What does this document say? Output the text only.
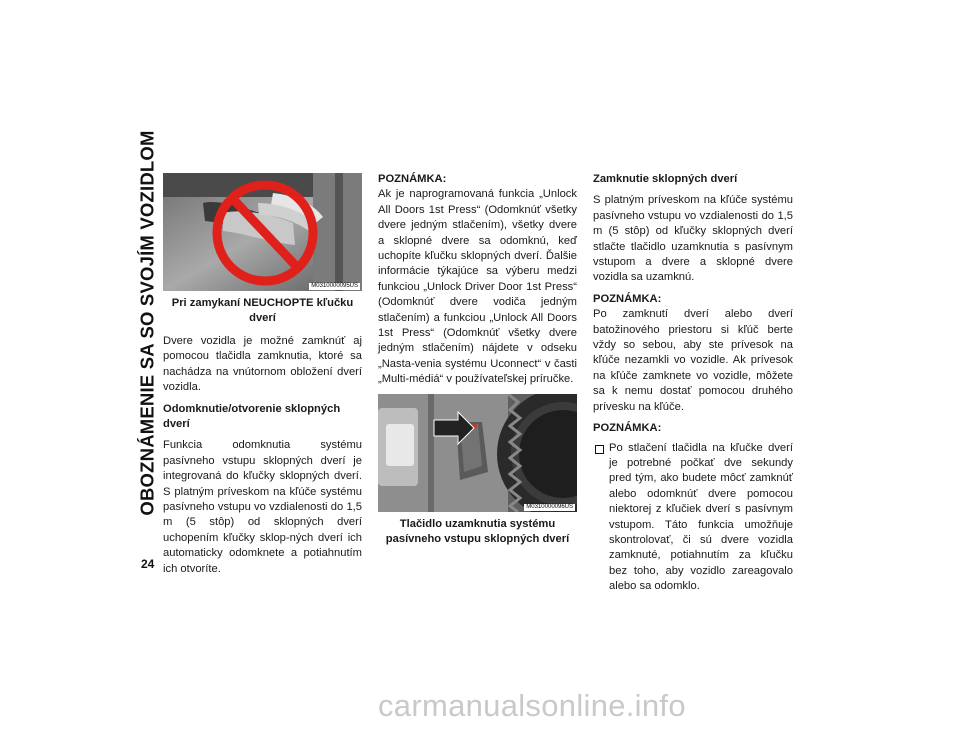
OBOZNÁMENIE SA SO SVOJÍM VOZIDLOM
24
M0310000095US
Pri zamykaní NEUCHOPTE kľučku dverí

Dvere vozidla je možné zamknúť aj pomocou tlačidla zamknutia, ktoré sa nachádza na vnútornom obložení dverí vozidla.

Odomknutie/otvorenie sklopných dverí

Funkcia odomknutia systému pasívneho vstupu sklopných dverí je integrovaná do kľučky sklopných dverí. S platným príveskom na kľúče systému pasívneho vstupu vo vzdialenosti do 1,5 m (5 stôp) od sklopných dverí uchopením kľučky sklop-ných dverí ich automaticky odomknete a potiahnutím ich otvoríte.

POZNÁMKA:

Ak je naprogramovaná funkcia „Unlock All Doors 1st Press“ (Odomknúť všetky dvere jedným stlačením), všetky dvere a sklopné dvere sa odomknú, keď uchopíte kľučku sklopných dverí. Ďalšie informácie týkajúce sa výberu medzi funkciou „Unlock Driver Door 1st Press“ (Odomknúť dvere vodiča jedným stlačením) a funkciou „Unlock All Doors 1st Press“ (Odomknúť všetky dvere jedným stlačením) nájdete v odseku „Nasta-venia systému Uconnect“ v časti „Multi-médiá“ v používateľskej príručke.

M0310000096US
Tlačidlo uzamknutia systému pasívneho vstupu sklopných dverí
Zamknutie sklopných dverí

S platným príveskom na kľúče systému pasívneho vstupu vo vzdialenosti do 1,5 m (5 stôp) od kľučky sklopných dverí stlačte tlačidlo uzamknutia s pasívnym vstupom a dvere a sklopné dvere vozidla sa uzamknú.

POZNÁMKA:

Po zamknutí dverí alebo dverí batožinového priestoru si kľúč berte vždy so sebou, aby ste prívesok na kľúče nezamkli vo vozidle. Ak prívesok na kľúče zamknete vo vozidle, môžete sa k nemu dostať pomocou druhého prívesku na kľúče.

POZNÁMKA:
Po stlačení tlačidla na kľučke dverí je potrebné počkať dve sekundy pred tým, ako budete môcť zamknúť alebo odomknúť dvere pomocou niektorej z kľučiek dverí s pasívnym vstupom. Táto funkcia umožňuje skontrolovať, či sú dvere vozidla zamknuté, potiahnutím za kľučku bez toho, aby vozidlo zareagovalo alebo sa odomklo.
carmanualsonline.info
